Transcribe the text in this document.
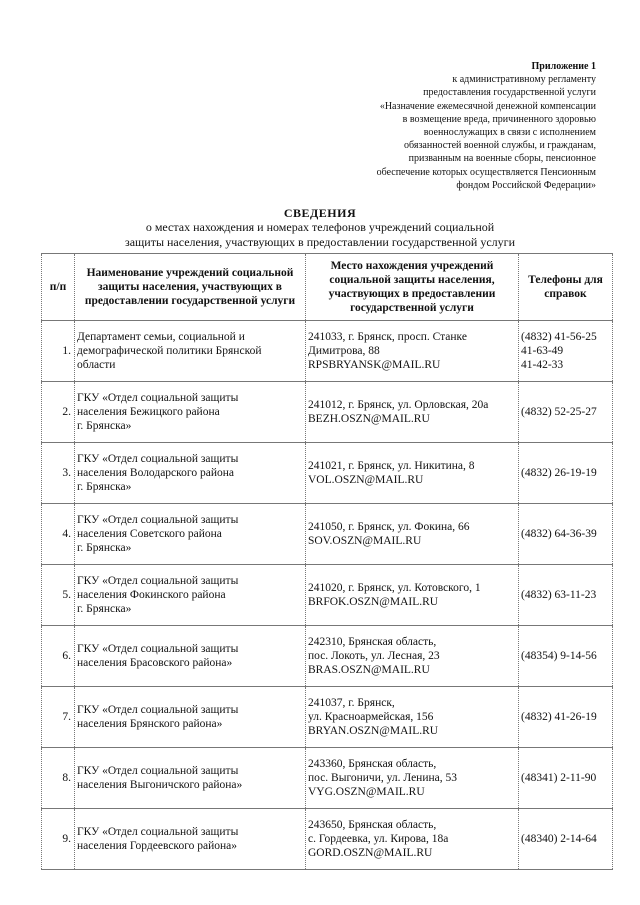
Приложение 1
к административному регламенту
предоставления государственной услуги
«Назначение ежемесячной денежной компенсации
в возмещение вреда, причиненного здоровью
военнослужащих в связи с исполнением
обязанностей военной службы, и гражданам,
призванным на военные сборы, пенсионное
обеспечение которых осуществляется Пенсионным
фондом Российской Федерации»
СВЕДЕНИЯ
о местах нахождения и номерах телефонов учреждений социальной
защиты населения, участвующих в предоставлении государственной услуги
п/п	Наименование учреждений социальной защиты населения, участвующих в предоставлении государственной услуги	Место нахождения учреждений социальной защиты населения, участвующих в предоставлении государственной услуги	Телефоны для справок
1.	Департамент семьи, социальной и
демографической политики Брянской
области	241033, г. Брянск, просп. Станке
Димитрова, 88
RPSBRYANSK@MAIL.RU	(4832) 41-56-25
41-63-49
41-42-33

2.	ГКУ «Отдел социальной защиты
населения Бежицкого района
г. Брянска»	241012, г. Брянск, ул. Орловская, 20а
BEZH.OSZN@MAIL.RU	(4832) 52-25-27

3.	ГКУ «Отдел социальной защиты
населения Володарского района
г. Брянска»	241021, г. Брянск, ул. Никитина, 8
VOL.OSZN@MAIL.RU	(4832) 26-19-19

4.	ГКУ «Отдел социальной защиты
населения Советского района
г. Брянска»	241050, г. Брянск, ул. Фокина, 66
SOV.OSZN@MAIL.RU	(4832) 64-36-39

5.	ГКУ «Отдел социальной защиты
населения Фокинского района
г. Брянска»	241020, г. Брянск, ул. Котовского, 1
BRFOK.OSZN@MAIL.RU	(4832) 63-11-23

6.	ГКУ «Отдел социальной защиты
населения Брасовского района»	242310, Брянская область,
пос. Локоть, ул. Лесная, 23
BRAS.OSZN@MAIL.RU	(48354) 9-14-56

7.	ГКУ «Отдел социальной защиты
населения Брянского района»	241037, г. Брянск,
ул. Красноармейская, 156
BRYAN.OSZN@MAIL.RU	(4832) 41-26-19

8.	ГКУ «Отдел социальной защиты
населения Выгоничского района»	243360, Брянская область,
пос. Выгоничи, ул. Ленина, 53
VYG.OSZN@MAIL.RU	(48341) 2-11-90

9.	ГКУ «Отдел социальной защиты
населения Гордеевского района»	243650, Брянская область,
с. Гордеевка, ул. Кирова, 18а
GORD.OSZN@MAIL.RU	(48340) 2-14-64
